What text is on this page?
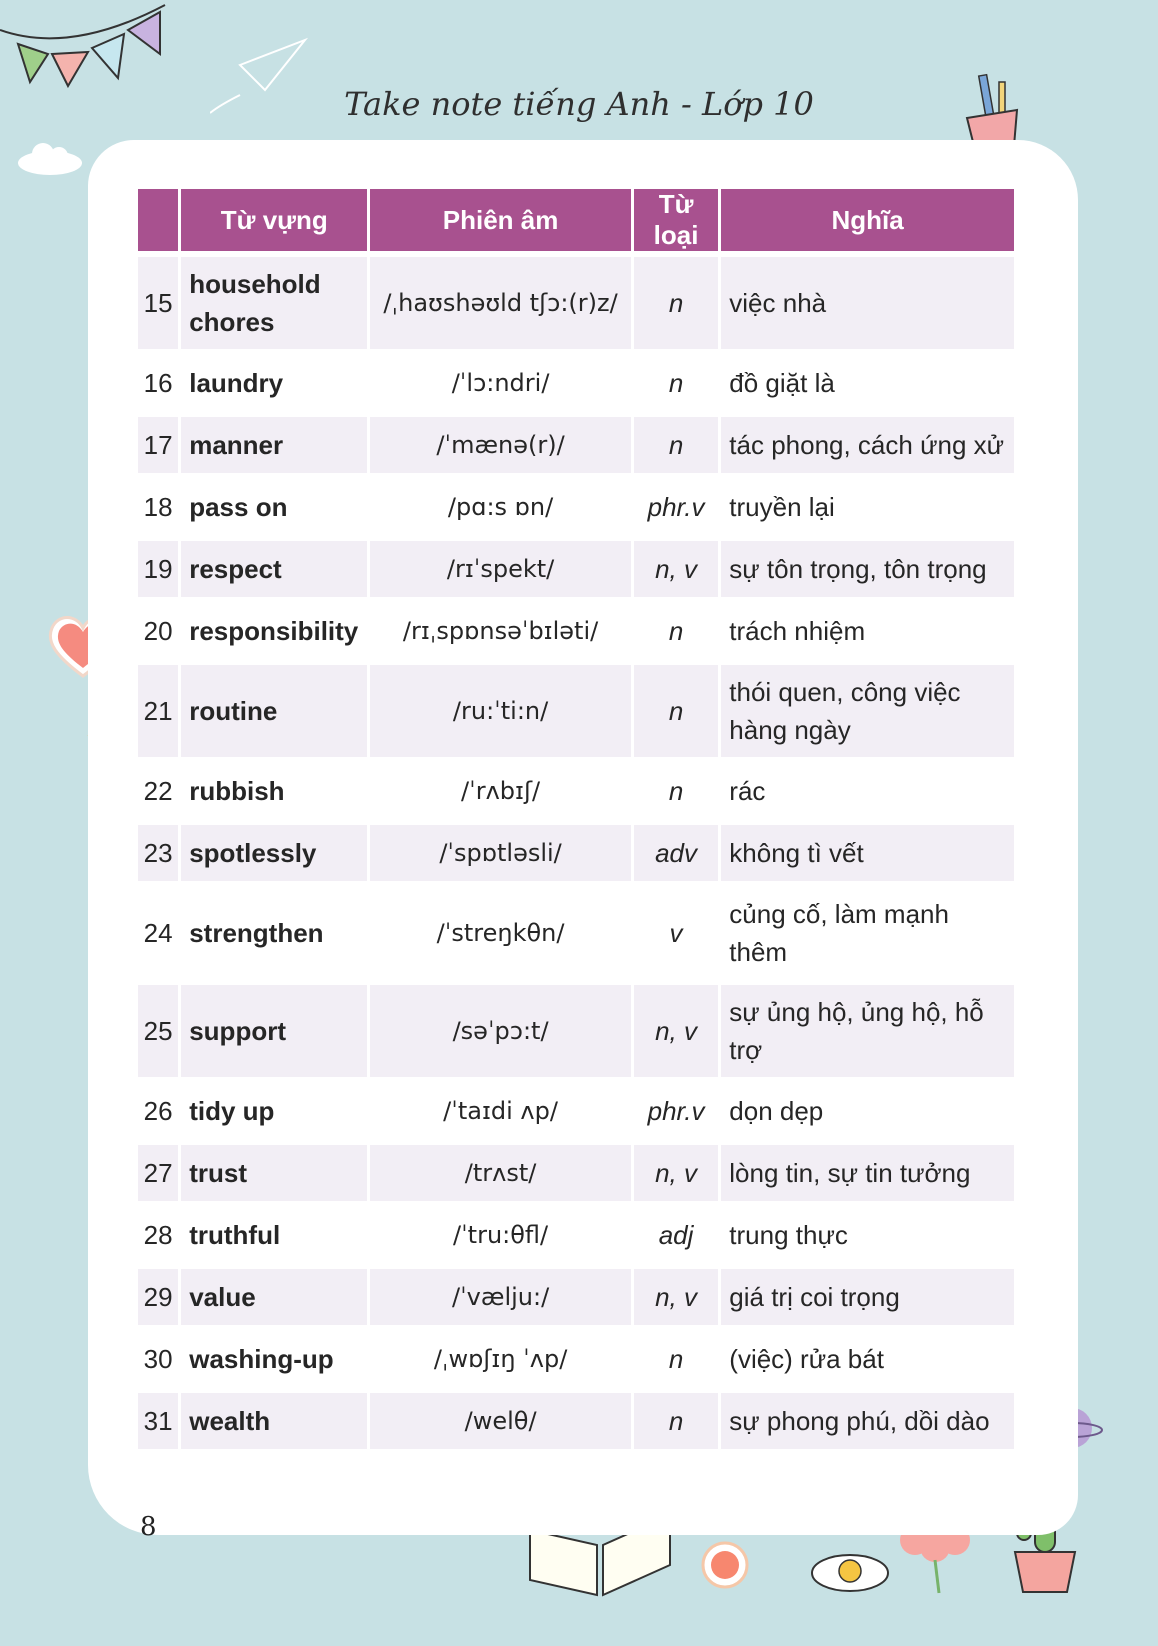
Take note tiếng Anh - Lớp 10
	Từ vựng	Phiên âm	Từ loại	Nghĩa
15	household chores	/ˌhaʊshəʊld tʃɔ:(r)z/	n	việc nhà
16	laundry	/ˈlɔ:ndri/	n	đồ giặt là
17	manner	/ˈmænə(r)/	n	tác phong, cách ứng xử
18	pass on	/pɑ:s ɒn/	phr.v	truyền lại
19	respect	/rɪˈspekt/	n, v	sự tôn trọng, tôn trọng
20	responsibility	/rɪˌspɒnsəˈbɪləti/	n	trách nhiệm
21	routine	/ru:ˈti:n/	n	thói quen, công việc hàng ngày
22	rubbish	/ˈrʌbɪʃ/	n	rác
23	spotlessly	/ˈspɒtləsli/	adv	không tì vết
24	strengthen	/ˈstreŋkθn/	v	củng cố, làm mạnh thêm
25	support	/səˈpɔ:t/	n, v	sự ủng hộ, ủng hộ, hỗ trợ
26	tidy up	/ˈtaɪdi ʌp/	phr.v	dọn dẹp
27	trust	/trʌst/	n, v	lòng tin, sự tin tưởng
28	truthful	/ˈtru:θfl/	adj	trung thực
29	value	/ˈvælju:/	n, v	giá trị coi trọng
30	washing-up	/ˌwɒʃɪŋ ˈʌp/	n	(việc) rửa bát
31	wealth	/welθ/	n	sự phong phú, dồi dào
8
